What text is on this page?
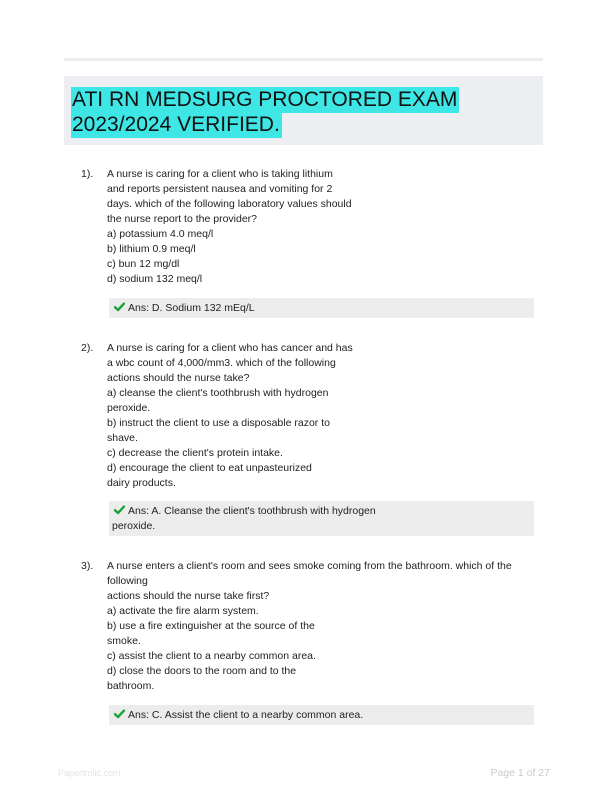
ATI RN MEDSURG PROCTORED EXAM
2023/2024 VERIFIED.
1). A nurse is caring for a client who is taking lithium
and reports persistent nausea and vomiting for 2
days. which of the following laboratory values should
the nurse report to the provider?
a) potassium 4.0 meq/l
b) lithium 0.9 meq/l
c) bun 12 mg/dl
d) sodium 132 meq/l
Ans: D. Sodium 132 mEq/L
2). A nurse is caring for a client who has cancer and has
a wbc count of 4,000/mm3. which of the following
actions should the nurse take?
a) cleanse the client's toothbrush with hydrogen
peroxide.
b) instruct the client to use a disposable razor to
shave.
c) decrease the client's protein intake.
d) encourage the client to eat unpasteurized
dairy products.
Ans: A. Cleanse the client's toothbrush with hydrogen
peroxide.
3). A nurse enters a client's room and sees smoke coming from the bathroom. which of the
following
actions should the nurse take first?
a) activate the fire alarm system.
b) use a fire extinguisher at the source of the
smoke.
c) assist the client to a nearby common area.
d) close the doors to the room and to the
bathroom.
Ans: C. Assist the client to a nearby common area.
Papertrolic.com	Page 1 of 27
